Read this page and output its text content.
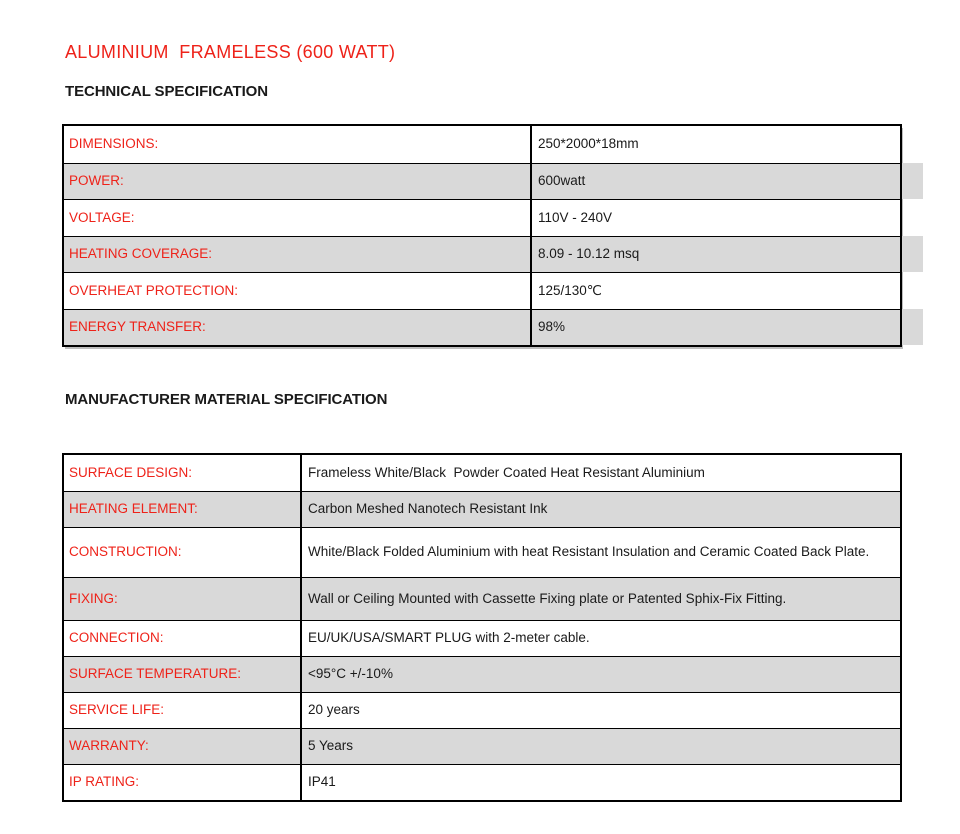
ALUMINIUM  FRAMELESS (600 WATT)
TECHNICAL SPECIFICATION
DIMENSIONS:	250*2000*18mm
POWER:	600watt
VOLTAGE:	110V - 240V
HEATING COVERAGE:	8.09 - 10.12 msq
OVERHEAT PROTECTION:	125/130℃
ENERGY TRANSFER:	98%
MANUFACTURER MATERIAL SPECIFICATION
SURFACE DESIGN:	Frameless White/Black  Powder Coated Heat Resistant Aluminium
HEATING ELEMENT:	Carbon Meshed Nanotech Resistant Ink
CONSTRUCTION:	White/Black Folded Aluminium with heat Resistant Insulation and Ceramic Coated Back Plate.
FIXING:	Wall or Ceiling Mounted with Cassette Fixing plate or Patented Sphix-Fix Fitting.
CONNECTION:	EU/UK/USA/SMART PLUG with 2-meter cable.
SURFACE TEMPERATURE:	<95°C +/-10%
SERVICE LIFE:	20 years
WARRANTY:	5 Years
IP RATING:	IP41
